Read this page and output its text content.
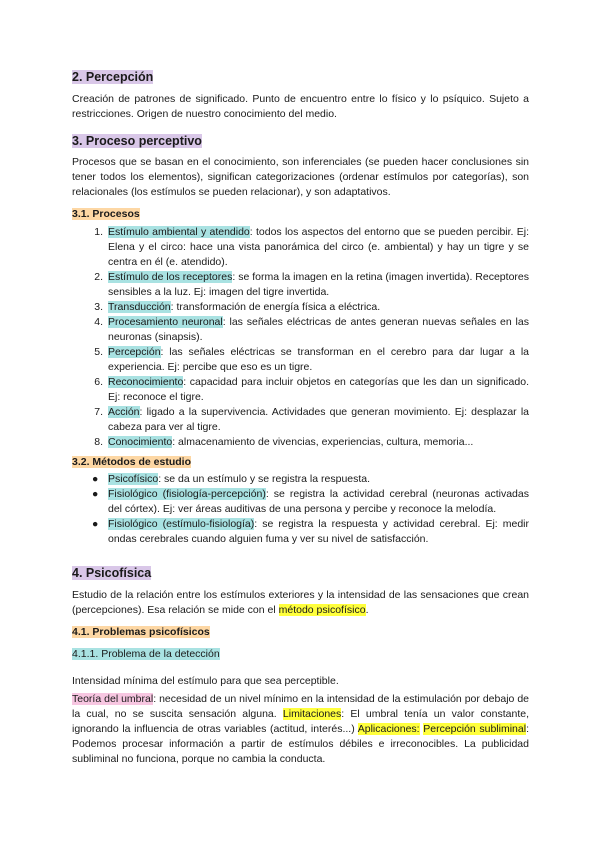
2. Percepción

Creación de patrones de significado. Punto de encuentro entre lo físico y lo psíquico. Sujeto a restricciones. Origen de nuestro conocimiento del medio.

3. Proceso perceptivo

Procesos que se basan en el conocimiento, son inferenciales (se pueden hacer conclusiones sin tener todos los elementos), significan categorizaciones (ordenar estímulos por categorías), son relacionales (los estímulos se pueden relacionar), y son adaptativos.

3.1. Procesos
1. Estímulo ambiental y atendido: todos los aspectos del entorno que se pueden percibir. Ej: Elena y el circo: hace una vista panorámica del circo (e. ambiental) y hay un tigre y se centra en él (e. atendido).
2. Estímulo de los receptores: se forma la imagen en la retina (imagen invertida). Receptores sensibles a la luz. Ej: imagen del tigre invertida.
3. Transducción: transformación de energía física a eléctrica.
4. Procesamiento neuronal: las señales eléctricas de antes generan nuevas señales en las neuronas (sinapsis).
5. Percepción: las señales eléctricas se transforman en el cerebro para dar lugar a la experiencia. Ej: percibe que eso es un tigre.
6. Reconocimiento: capacidad para incluir objetos en categorías que les dan un significado. Ej: reconoce el tigre.
7. Acción: ligado a la supervivencia. Actividades que generan movimiento. Ej: desplazar la cabeza para ver al tigre.
8. Conocimiento: almacenamiento de vivencias, experiencias, cultura, memoria...
3.2. Métodos de estudio
● Psicofísico: se da un estímulo y se registra la respuesta.
● Fisiológico (fisiología-percepción): se registra la actividad cerebral (neuronas activadas del córtex). Ej: ver áreas auditivas de una persona y percibe y reconoce la melodía.
● Fisiológico (estímulo-fisiología): se registra la respuesta y actividad cerebral. Ej: medir ondas cerebrales cuando alguien fuma y ver su nivel de satisfacción.
4. Psicofísica

Estudio de la relación entre los estímulos exteriores y la intensidad de las sensaciones que crean (percepciones). Esa relación se mide con el método psicofísico.

4.1. Problemas psicofísicos
4.1.1. Problema de la detección

Intensidad mínima del estímulo para que sea perceptible.

Teoría del umbral: necesidad de un nivel mínimo en la intensidad de la estimulación por debajo de la cual, no se suscita sensación alguna. Limitaciones: El umbral tenía un valor constante, ignorando la influencia de otras variables (actitud, interés...) Aplicaciones: Percepción subliminal: Podemos procesar información a partir de estímulos débiles e irreconocibles. La publicidad subliminal no funciona, porque no cambia la conducta.
